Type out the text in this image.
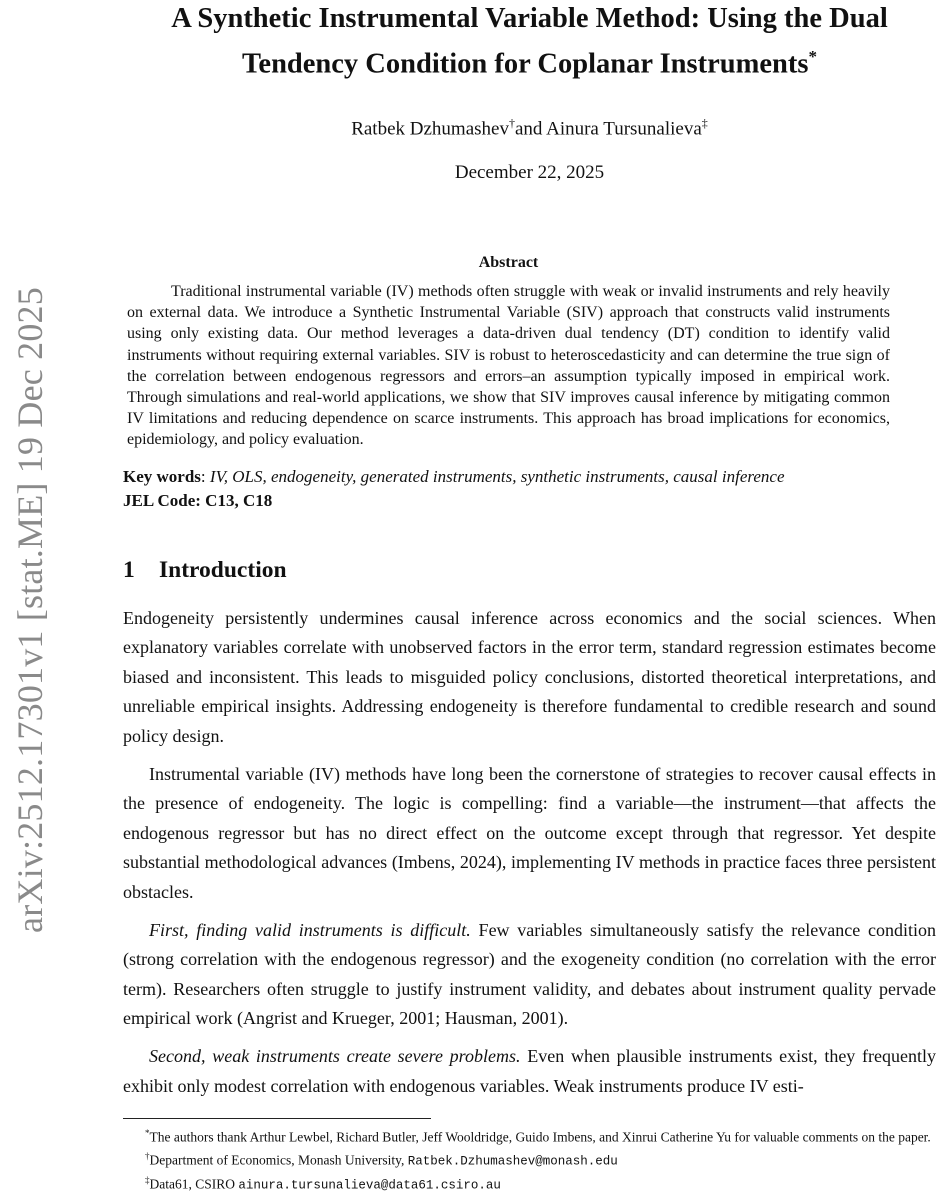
arXiv:2512.17301v1 [stat.ME] 19 Dec 2025
A Synthetic Instrumental Variable Method: Using the Dual
Tendency Condition for Coplanar Instruments*
Ratbek Dzhumashev†and Ainura Tursunalieva‡
December 22, 2025
Abstract

Traditional instrumental variable (IV) methods often struggle with weak or invalid instruments and rely heavily on external data. We introduce a Synthetic Instrumental Variable (SIV) approach that constructs valid instruments using only existing data. Our method leverages a data-driven dual tendency (DT) condition to identify valid instruments without requiring external variables. SIV is robust to heteroscedasticity and can determine the true sign of the correlation between endogenous regressors and errors–an assumption typically imposed in empirical work. Through simulations and real-world applications, we show that SIV improves causal inference by mitigating common IV limitations and reducing dependence on scarce instruments. This approach has broad implications for economics, epidemiology, and policy evaluation.

Key words: IV, OLS, endogeneity, generated instruments, synthetic instruments, causal inference
JEL Code: C13, C18
1 Introduction

Endogeneity persistently undermines causal inference across economics and the social sciences. When explanatory variables correlate with unobserved factors in the error term, standard regression estimates become biased and inconsistent. This leads to misguided policy conclusions, distorted theoretical interpretations, and unreliable empirical insights. Addressing endogeneity is therefore fundamental to credible research and sound policy design.

Instrumental variable (IV) methods have long been the cornerstone of strategies to recover causal effects in the presence of endogeneity. The logic is compelling: find a variable—the instrument—that affects the endogenous regressor but has no direct effect on the outcome except through that regressor. Yet despite substantial methodological advances (Imbens, 2024), implementing IV methods in practice faces three persistent obstacles.

First, finding valid instruments is difficult. Few variables simultaneously satisfy the relevance condition (strong correlation with the endogenous regressor) and the exogeneity condition (no correlation with the error term). Researchers often struggle to justify instrument validity, and debates about instrument quality pervade empirical work (Angrist and Krueger, 2001; Hausman, 2001).

Second, weak instruments create severe problems. Even when plausible instruments exist, they frequently exhibit only modest correlation with endogenous variables. Weak instruments produce IV esti-

*The authors thank Arthur Lewbel, Richard Butler, Jeff Wooldridge, Guido Imbens, and Xinrui Catherine Yu for valuable comments on the paper.
†Department of Economics, Monash University, Ratbek.Dzhumashev@monash.edu
‡Data61, CSIRO ainura.tursunalieva@data61.csiro.au
